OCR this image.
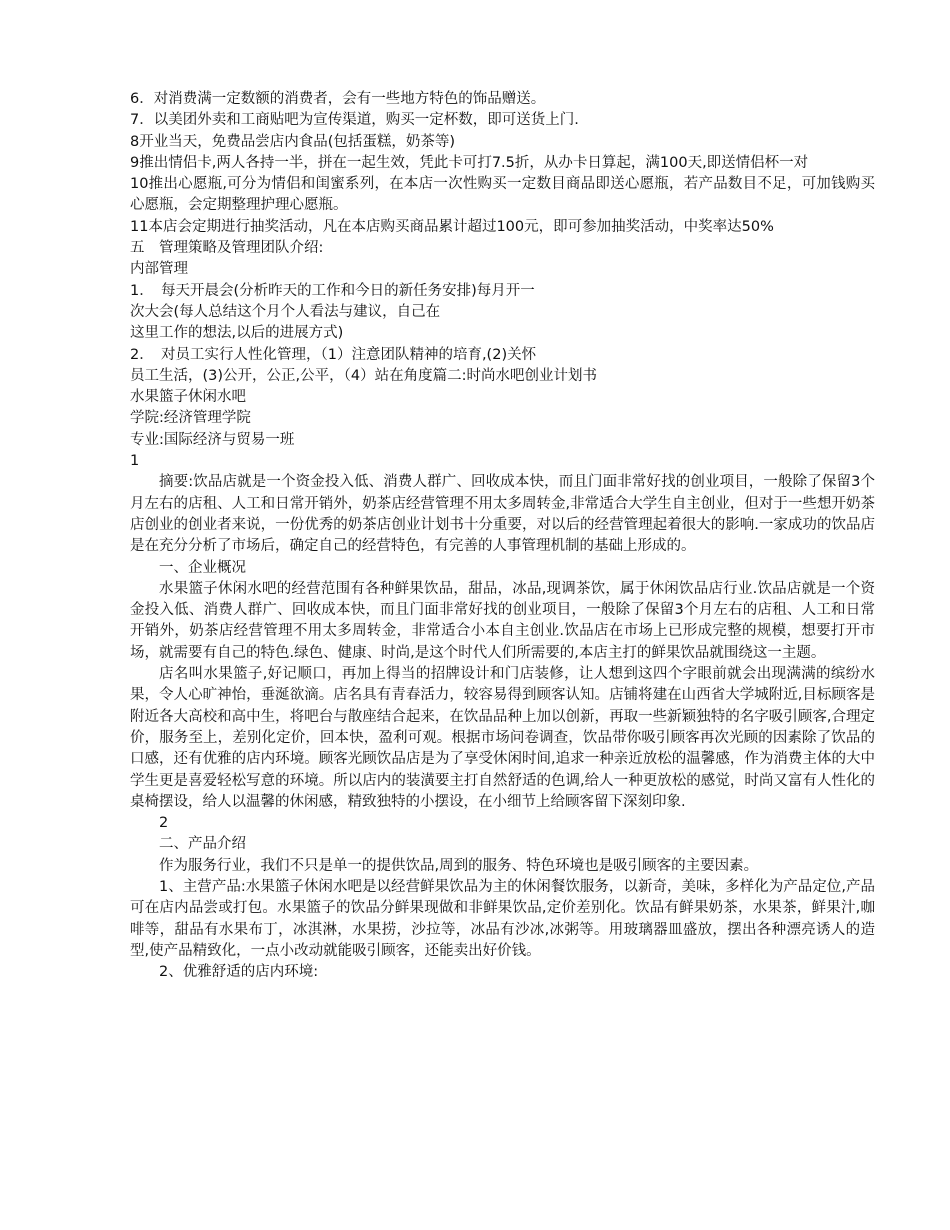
6．对消费满一定数额的消费者，会有一些地方特色的饰品赠送。

7．以美团外卖和工商贴吧为宣传渠道，购买一定杯数，即可送货上门.

8开业当天，免费品尝店内食品(包括蛋糕，奶茶等)

9推出情侣卡,两人各持一半，拼在一起生效，凭此卡可打7.5折，从办卡日算起，满100天,即送情侣杯一对

10推出心愿瓶,可分为情侣和闺蜜系列，在本店一次性购买一定数目商品即送心愿瓶，若产品数目不足，可加钱购买心愿瓶，会定期整理护理心愿瓶。

11本店会定期进行抽奖活动，凡在本店购买商品累计超过100元，即可参加抽奖活动，中奖率达50%

五　管理策略及管理团队介绍:

内部管理

1．　每天开晨会(分析昨天的工作和今日的新任务安排)每月开一

次大会(每人总结这个月个人看法与建议，自己在

这里工作的想法,以后的进展方式)

2．　对员工实行人性化管理，（1）注意团队精神的培育,(2)关怀

员工生活，(3)公开，公正,公平，（4）站在角度篇二:时尚水吧创业计划书

水果篮子休闲水吧

学院:经济管理学院

专业:国际经济与贸易一班

1

摘要:饮品店就是一个资金投入低、消费人群广、回收成本快，而且门面非常好找的创业项目，一般除了保留3个月左右的店租、人工和日常开销外，奶茶店经营管理不用太多周转金,非常适合大学生自主创业，但对于一些想开奶茶店创业的创业者来说，一份优秀的奶茶店创业计划书十分重要，对以后的经营管理起着很大的影响.一家成功的饮品店是在充分分析了市场后，确定自己的经营特色，有完善的人事管理机制的基础上形成的。

一、企业概况

水果篮子休闲水吧的经营范围有各种鲜果饮品，甜品，冰品,现调茶饮，属于休闲饮品店行业.饮品店就是一个资金投入低、消费人群广、回收成本快，而且门面非常好找的创业项目，一般除了保留3个月左右的店租、人工和日常开销外，奶茶店经营管理不用太多周转金，非常适合小本自主创业.饮品店在市场上已形成完整的规模，想要打开市场，就需要有自己的特色.绿色、健康、时尚,是这个时代人们所需要的,本店主打的鲜果饮品就围绕这一主题。

店名叫水果篮子,好记顺口，再加上得当的招牌设计和门店装修，让人想到这四个字眼前就会出现满满的缤纷水果，令人心旷神怡，垂涎欲滴。店名具有青春活力，较容易得到顾客认知。店铺将建在山西省大学城附近,目标顾客是附近各大高校和高中生，将吧台与散座结合起来，在饮品品种上加以创新，再取一些新颖独特的名字吸引顾客,合理定价，服务至上，差别化定价，回本快，盈利可观。根据市场问卷调查，饮品带你吸引顾客再次光顾的因素除了饮品的口感，还有优雅的店内环境。顾客光顾饮品店是为了享受休闲时间,追求一种亲近放松的温馨感，作为消费主体的大中学生更是喜爱轻松写意的环境。所以店内的装潢要主打自然舒适的色调,给人一种更放松的感觉，时尚又富有人性化的桌椅摆设，给人以温馨的休闲感，精致独特的小摆设，在小细节上给顾客留下深刻印象.

2

二、产品介绍

作为服务行业，我们不只是单一的提供饮品,周到的服务、特色环境也是吸引顾客的主要因素。

1、主营产品:水果篮子休闲水吧是以经营鲜果饮品为主的休闲餐饮服务，以新奇，美味，多样化为产品定位,产品可在店内品尝或打包。水果篮子的饮品分鲜果现做和非鲜果饮品,定价差别化。饮品有鲜果奶茶，水果茶，鲜果汁,咖啡等，甜品有水果布丁，冰淇淋，水果捞，沙拉等，冰品有沙冰,冰粥等。用玻璃器皿盛放，摆出各种漂亮诱人的造型,使产品精致化，一点小改动就能吸引顾客，还能卖出好价钱。

2、优雅舒适的店内环境:
